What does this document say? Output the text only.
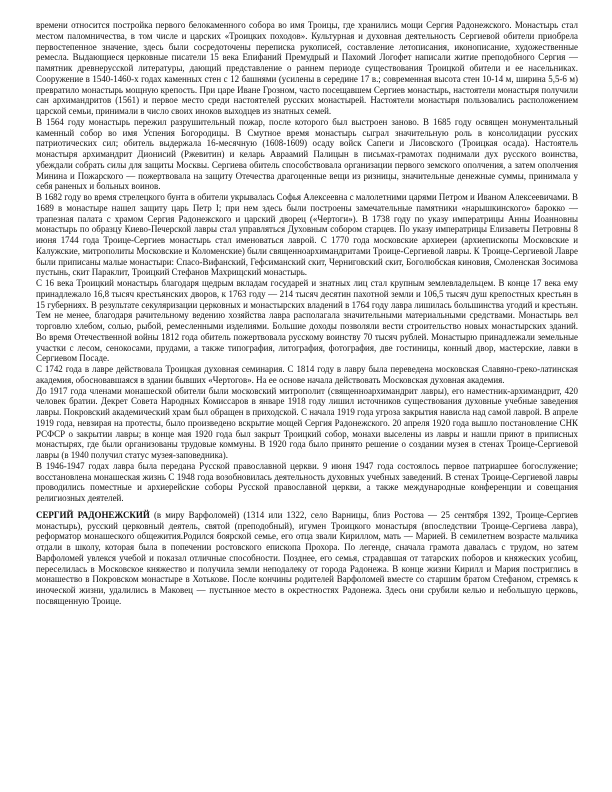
времени относится постройка первого белокаменного собора во имя Троицы, где хранились мощи Сергия Радонежского. Монастырь стал местом паломничества, в том числе и царских «Троицких походов». Культурная и духовная деятельность Сергиевой обители приобрела первостепенное значение, здесь были сосредоточены переписка рукописей, составление летописания, иконописание, художественные ремесла. Выдающиеся церковные писатели 15 века Епифаний Премудрый и Пахомий Логофет написали житие преподобного Сергия — памятник древнерусской литературы, дающий представление о раннем периоде существования Троицкой обители и ее насельниках. Сооружение в 1540-1460-х годах каменных стен с 12 башнями (усилены в середине 17 в.; современная высота стен 10-14 м, ширина 5,5-6 м) превратило монастырь мощную крепость. При царе Иване Грозном, часто посещавшем Сергиев монастырь, настоятели монастыря получили сан архимандритов (1561) и первое место среди настоятелей русских монастырей. Настоятели монастыря пользовались расположением царской семьи, принимали в число своих иноков выходцев из знатных семей.

В 1564 году монастырь пережил разрушительный пожар, после которого был выстроен заново. В 1685 году освящен монументальный каменный собор во имя Успения Богородицы. В Смутное время монастырь сыграл значительную роль в консолидации русских патриотических сил; обитель выдержала 16-месячную (1608-1609) осаду войск Сапеги и Лисовского (Троицкая осада). Настоятель монастыря архимандрит Дионисий (Ржевитин) и келарь Авраамий Палицын в письмах-грамотах поднимали дух русского воинства, убеждали собрать силы для защиты Москвы. Сергиева обитель способствовала организации первого земского ополчения, а затем ополчения Минина и Пожарского — пожертвовала на защиту Отечества драгоценные вещи из ризницы, значительные денежные суммы, принимала у себя раненых и больных воинов.

В 1682 году во время стрелецкого бунта в обители укрывалась Софья Алексеевна с малолетними царями Петром и Иваном Алексеевичами. В 1689 в монастыре нашел защиту царь Петр I; при нем здесь были построены замечательные памятники «нарышкинского» барокко — трапезная палата с храмом Сергия Радонежского и царский дворец («Чертоги»). В 1738 году по указу императрицы Анны Иоанновны монастырь по образцу Киево-Печерской лавры стал управляться Духовным собором старцев. По указу императрицы Елизаветы Петровны 8 июня 1744 года Троице-Сергиев монастырь стал именоваться лаврой. С 1770 года московские архиереи (архиепископы Московские и Калужские, митрополиты Московские и Коломенские) были священноархимандритами Троице-Сергиевой лавры. К Троице-Сергиевой Лавре были приписаны малые монастыри: Спасо-Вифанский, Гефсиманский скит, Черниговский скит, Боголюбская киновия, Смоленская Зосимова пустынь, скит Параклит, Троицкий Стефанов Махрищский монастырь.

С 16 века Троицкий монастырь благодаря щедрым вкладам государей и знатных лиц стал крупным землевладельцем. В конце 17 века ему принадлежало 16,8 тысяч крестьянских дворов, к 1763 году — 214 тысяч десятин пахотной земли и 106,5 тысяч душ крепостных крестьян в 15 губерниях. В результате секуляризации церковных и монастырских владений в 1764 году лавра лишилась большинства угодий и крестьян. Тем не менее, благодаря рачительному ведению хозяйства лавра располагала значительными материальными средствами. Монастырь вел торговлю хлебом, солью, рыбой, ремесленными изделиями. Большие доходы позволяли вести строительство новых монастырских зданий. Во время Отечественной войны 1812 года обитель пожертвовала русскому воинству 70 тысяч рублей. Монастырю принадлежали земельные участки с лесом, сенокосами, прудами, а также типография, литография, фотография, две гостиницы, конный двор, мастерские, лавки в Сергиевом Посаде.

С 1742 года в лавре действовала Троицкая духовная семинария. С 1814 году в лавру была переведена московская Славяно-греко-латинская академия, обосновавшаяся в здании бывших «Чертогов». На ее основе начала действовать Московская духовная академия.

До 1917 года членами монашеской обители были московский митрополит (священноархимандрит лавры), его наместник-архимандрит, 420 человек братии. Декрет Совета Народных Комиссаров в январе 1918 году лишил источников существования духовные учебные заведения лавры. Покровский академический храм был обращен в приходской. С начала 1919 года угроза закрытия нависла над самой лаврой. В апреле 1919 года, невзирая на протесты, было произведено вскрытие мощей Сергия Радонежского. 20 апреля 1920 года вышло постановление СНК РСФСР о закрытии лавры; в конце мая 1920 года был закрыт Троицкий собор, монахи выселены из лавры и нашли приют в приписных монастырях, где были организованы трудовые коммуны. В 1920 года было принято решение о создании музея в стенах Троице-Сергиевой лавры (в 1940 получил статус музея-заповедника).

В 1946-1947 годах лавра была передана Русской православной церкви. 9 июня 1947 года состоялось первое патриаршее богослужение; восстановлена монашеская жизнь С 1948 года возобновилась деятельность духовных учебных заведений. В стенах Троице-Сергиевой лавры проводились поместные и архиерейские соборы Русской православной церкви, а также международные конференции и совещания религиозных деятелей.

СЕРГИЙ РАДОНЕЖСКИЙ (в миру Варфоломей) (1314 или 1322, село Варницы, близ Ростова — 25 сентября 1392, Троице-Сергиев монастырь), русский церковный деятель, святой (преподобный), игумен Троицкого монастыря (впоследствии Троице-Сергиева лавра), реформатор монашеского общежития.Родился боярской семье, его отца звали Кириллом, мать — Марией. В семилетнем возрасте мальчика отдали в школу, которая была в попечении ростовского епископа Прохора. По легенде, сначала грамота давалась с трудом, но затем Варфоломей увлекся учебой и показал отличные способности. Позднее, его семья, страдавшая от татарских поборов и княжеских усобиц, переселилась в Московское княжество и получила земли неподалеку от города Радонежа. В конце жизни Кирилл и Мария постриглись в монашество в Покровском монастыре в Хотькове. После кончины родителей Варфоломей вместе со старшим братом Стефаном, стремясь к иноческой жизни, удалились в Маковец — пустынное место в окрестностях Радонежа. Здесь они срубили келью и небольшую церковь, посвященную Троице.
